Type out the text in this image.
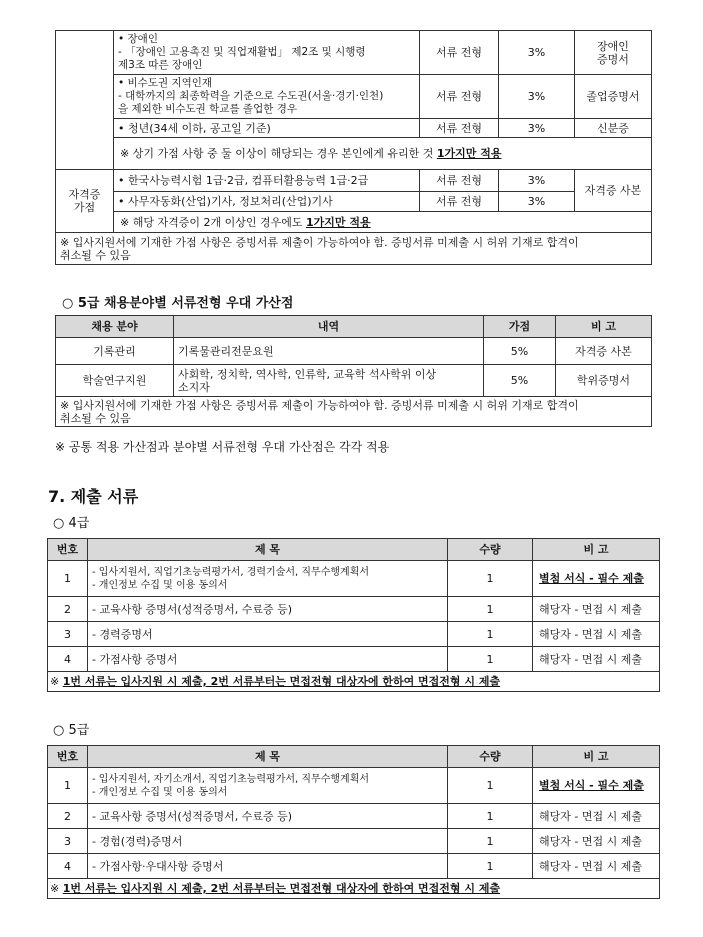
	• 장애인
- 「장애인 고용촉진 및 직업재활법」 제2조 및 시행령
제3조 따른 장애인	서류 전형	3%	장애인
증명서
	• 비수도권 지역인재
- 대학까지의 최종학력을 기준으로 수도권(서울·경기·인천)
을 제외한 비수도권 학교를 졸업한 경우	서류 전형	3%	졸업증명서
	• 청년(34세 이하, 공고일 기준)	서류 전형	3%	신분증
	※ 상기 가점 사항 중 둘 이상이 해당되는 경우 본인에게 유리한 것 1가지만 적용			
자격증
가점	• 한국사능력시험 1급·2급, 컴퓨터활용능력 1급·2급	서류 전형	3%	자격증 사본
	• 사무자동화(산업)기사, 정보처리(산업)기사	서류 전형	3%	
	※ 해당 자격증이 2개 이상인 경우에도 1가지만 적용			
※ 입사지원서에 기재한 가점 사항은 증빙서류 제출이 가능하여야 함. 증빙서류 미제출 시 허위 기재로 합격이
취소될 수 있음				
○ 5급 채용분야별 서류전형 우대 가산점
채용 분야	내역	가점	비 고
기록관리	기록물관리전문요원	5%	자격증 사본
학술연구지원	사회학, 정치학, 역사학, 인류학, 교육학 석사학위 이상
소지자	5%	학위증명서
※ 입사지원서에 기재한 가점 사항은 증빙서류 제출이 가능하여야 함. 증빙서류 미제출 시 허위 기재로 합격이
취소될 수 있음			
※ 공통 적용 가산점과 분야별 서류전형 우대 가산점은 각각 적용
7. 제출 서류
○ 4급
번호	제 목	수량	비 고
1	- 입사지원서, 직업기초능력평가서, 경력기술서, 직무수행계획서
- 개인정보 수집 및 이용 동의서	1	별첨 서식 - 필수 제출
2	- 교육사항 증명서(성적증명서, 수료증 등)	1	해당자 - 면접 시 제출
3	- 경력증명서	1	해당자 - 면접 시 제출
4	- 가점사항 증명서	1	해당자 - 면접 시 제출
※ 1번 서류는 입사지원 시 제출, 2번 서류부터는 면접전형 대상자에 한하여 면접전형 시 제출			
○ 5급
번호	제 목	수량	비 고
1	- 입사지원서, 자기소개서, 직업기초능력평가서, 직무수행계획서
- 개인정보 수집 및 이용 동의서	1	별첨 서식 - 필수 제출
2	- 교육사항 증명서(성적증명서, 수료증 등)	1	해당자 - 면접 시 제출
3	- 경험(경력)증명서	1	해당자 - 면접 시 제출
4	- 가점사항·우대사항 증명서	1	해당자 - 면접 시 제출
※ 1번 서류는 입사지원 시 제출, 2번 서류부터는 면접전형 대상자에 한하여 면접전형 시 제출			
